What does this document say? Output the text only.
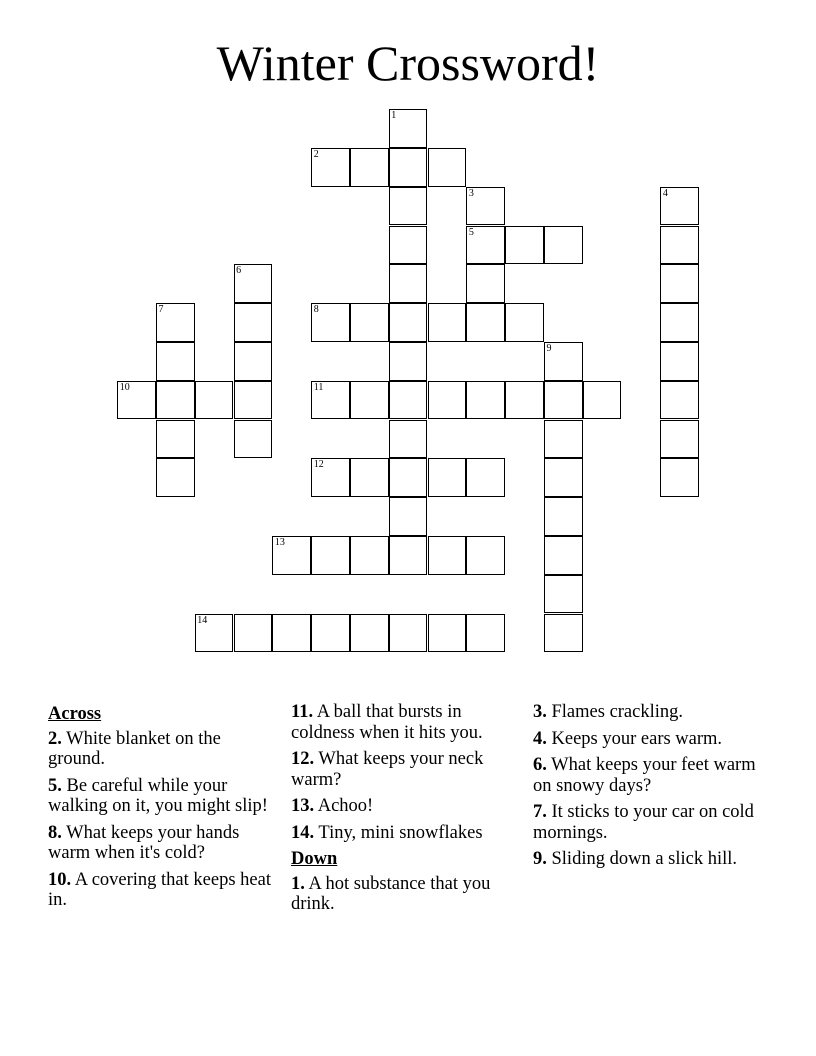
Winter Crossword!
1
2
3	4
5
6
7	8
9
10	11
12
13
14
Across
2. White blanket on the ground.
5. Be careful while your walking on it, you might slip!
8. What keeps your hands warm when it's cold?
10. A covering that keeps heat in.
11. A ball that bursts in coldness when it hits you.
12. What keeps your neck warm?
13. Achoo!
14. Tiny, mini snowflakes
Down
1. A hot substance that you drink.
3. Flames crackling.
4. Keeps your ears warm.
6. What keeps your feet warm on snowy days?
7. It sticks to your car on cold mornings.
9. Sliding down a slick hill.
